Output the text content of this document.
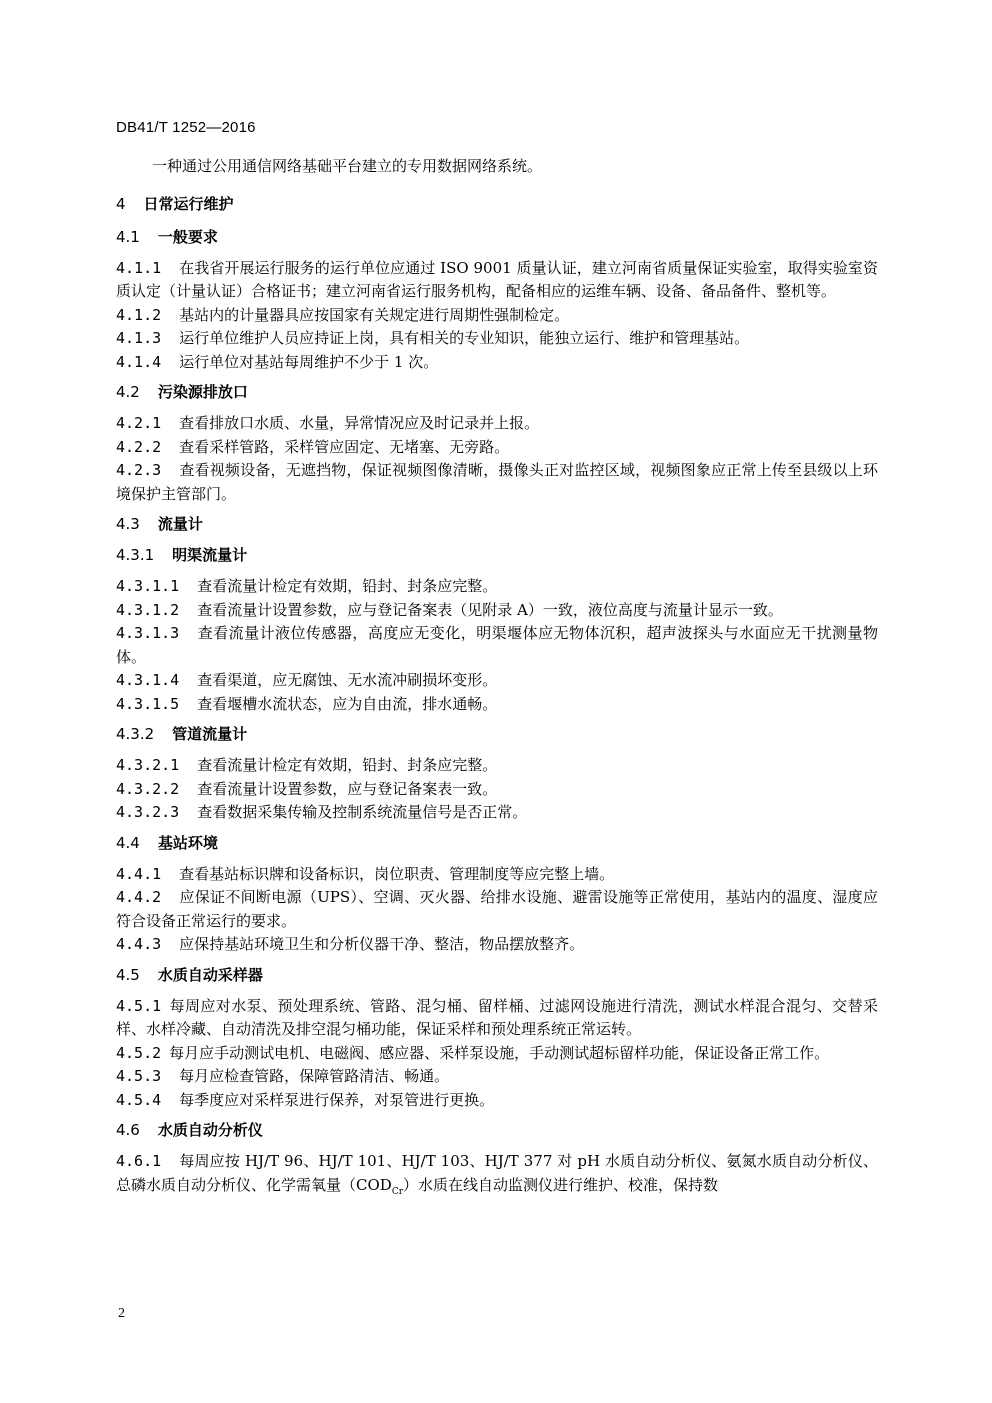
DB41/T 1252—2016

一种通过公用通信网络基础平台建立的专用数据网络系统。

4 日常运行维护
4.1 一般要求

4.1.1 在我省开展运行服务的运行单位应通过 ISO 9001 质量认证，建立河南省质量保证实验室，取得实验室资质认定（计量认证）合格证书；建立河南省运行服务机构，配备相应的运维车辆、设备、备品备件、整机等。

4.1.2 基站内的计量器具应按国家有关规定进行周期性强制检定。

4.1.3 运行单位维护人员应持证上岗，具有相关的专业知识，能独立运行、维护和管理基站。

4.1.4 运行单位对基站每周维护不少于 1 次。

4.2 污染源排放口

4.2.1 查看排放口水质、水量，异常情况应及时记录并上报。

4.2.2 查看采样管路，采样管应固定、无堵塞、无旁路。

4.2.3 查看视频设备，无遮挡物，保证视频图像清晰，摄像头正对监控区域，视频图象应正常上传至县级以上环境保护主管部门。

4.3 流量计
4.3.1 明渠流量计

4.3.1.1 查看流量计检定有效期，铅封、封条应完整。

4.3.1.2 查看流量计设置参数，应与登记备案表（见附录 A）一致，液位高度与流量计显示一致。

4.3.1.3 查看流量计液位传感器，高度应无变化，明渠堰体应无物体沉积，超声波探头与水面应无干扰测量物体。

4.3.1.4 查看渠道，应无腐蚀、无水流冲刷损坏变形。

4.3.1.5 查看堰槽水流状态，应为自由流，排水通畅。

4.3.2 管道流量计

4.3.2.1 查看流量计检定有效期，铅封、封条应完整。

4.3.2.2 查看流量计设置参数，应与登记备案表一致。

4.3.2.3 查看数据采集传输及控制系统流量信号是否正常。

4.4 基站环境

4.4.1 查看基站标识牌和设备标识，岗位职责、管理制度等应完整上墙。

4.4.2 应保证不间断电源（UPS）、空调、灭火器、给排水设施、避雷设施等正常使用，基站内的温度、湿度应符合设备正常运行的要求。

4.4.3 应保持基站环境卫生和分析仪器干净、整洁，物品摆放整齐。

4.5 水质自动采样器

4.5.1 每周应对水泵、预处理系统、管路、混匀桶、留样桶、过滤网设施进行清洗，测试水样混合混匀、交替采样、水样冷藏、自动清洗及排空混匀桶功能，保证采样和预处理系统正常运转。

4.5.2 每月应手动测试电机、电磁阀、感应器、采样泵设施，手动测试超标留样功能，保证设备正常工作。

4.5.3 每月应检查管路，保障管路清洁、畅通。

4.5.4 每季度应对采样泵进行保养，对泵管进行更换。

4.6 水质自动分析仪

4.6.1 每周应按 HJ/T 96、HJ/T 101、HJ/T 103、HJ/T 377 对 pH 水质自动分析仪、氨氮水质自动分析仪、总磷水质自动分析仪、化学需氧量$(COD_{Cr})$水质在线自动监测仪进行维护、校准，保持数

2
